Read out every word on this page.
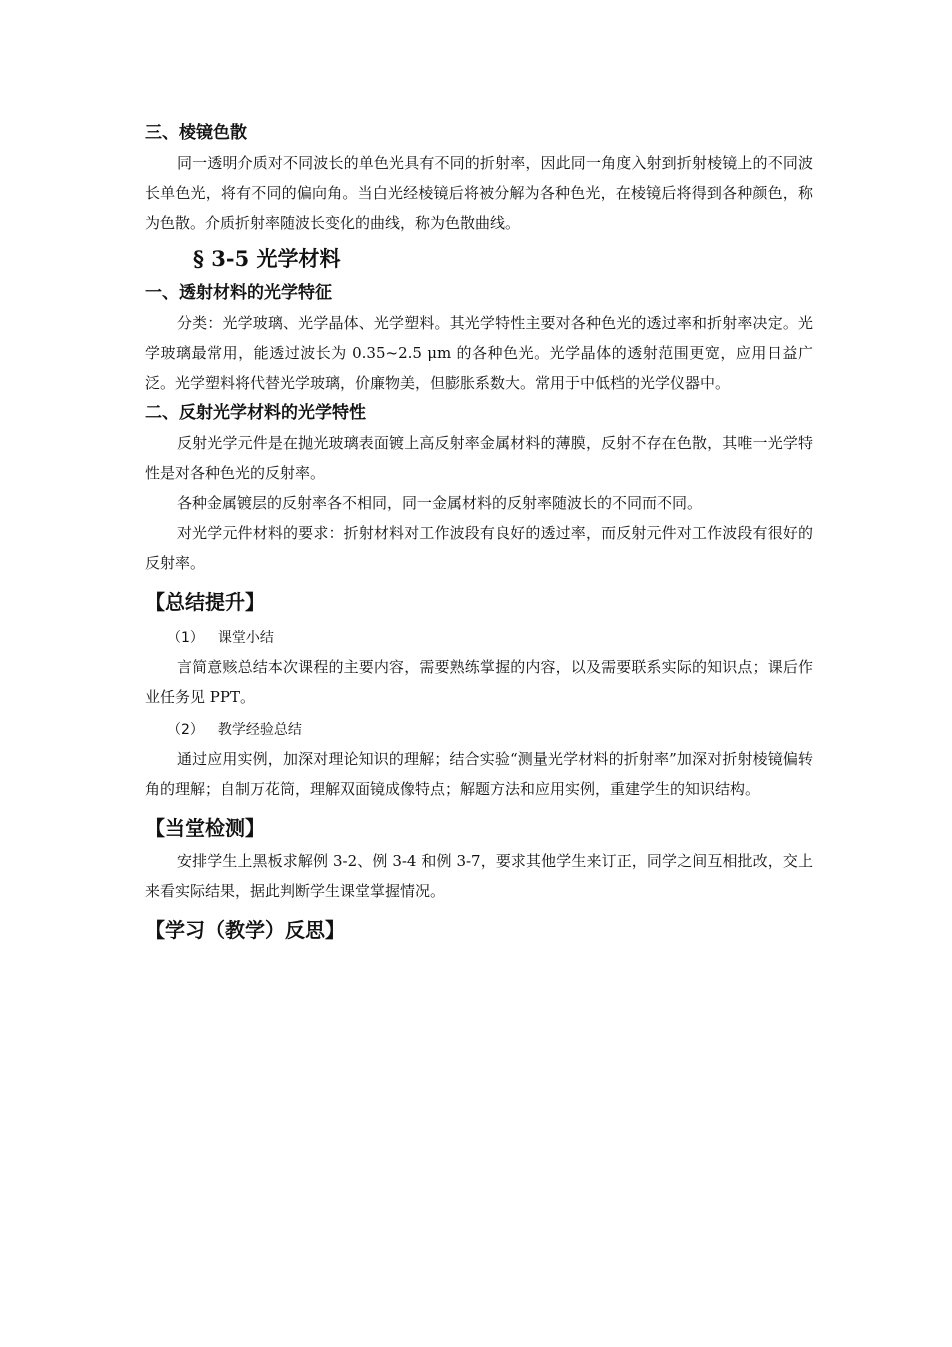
三、棱镜色散

同一透明介质对不同波长的单色光具有不同的折射率，因此同一角度入射到折射棱镜上的不同波长单色光，将有不同的偏向角。当白光经棱镜后将被分解为各种色光，在棱镜后将得到各种颜色，称为色散。介质折射率随波长变化的曲线，称为色散曲线。

§ 3-5 光学材料
一、透射材料的光学特征

分类：光学玻璃、光学晶体、光学塑料。其光学特性主要对各种色光的透过率和折射率决定。光学玻璃最常用，能透过波长为 0.35~2.5 μm 的各种色光。光学晶体的透射范围更宽，应用日益广泛。光学塑料将代替光学玻璃，价廉物美，但膨胀系数大。常用于中低档的光学仪器中。

二、反射光学材料的光学特性

反射光学元件是在抛光玻璃表面镀上高反射率金属材料的薄膜，反射不存在色散，其唯一光学特性是对各种色光的反射率。

各种金属镀层的反射率各不相同，同一金属材料的反射率随波长的不同而不同。

对光学元件材料的要求：折射材料对工作波段有良好的透过率，而反射元件对工作波段有很好的反射率。

【总结提升】
（1） 课堂小结

言简意赅总结本次课程的主要内容，需要熟练掌握的内容，以及需要联系实际的知识点；课后作业任务见 PPT。

（2） 教学经验总结

通过应用实例，加深对理论知识的理解；结合实验“测量光学材料的折射率”加深对折射棱镜偏转角的理解；自制万花筒，理解双面镜成像特点；解题方法和应用实例，重建学生的知识结构。

【当堂检测】

安排学生上黑板求解例 3-2、例 3-4 和例 3-7，要求其他学生来订正，同学之间互相批改，交上来看实际结果，据此判断学生课堂掌握情况。

【学习（教学）反思】
